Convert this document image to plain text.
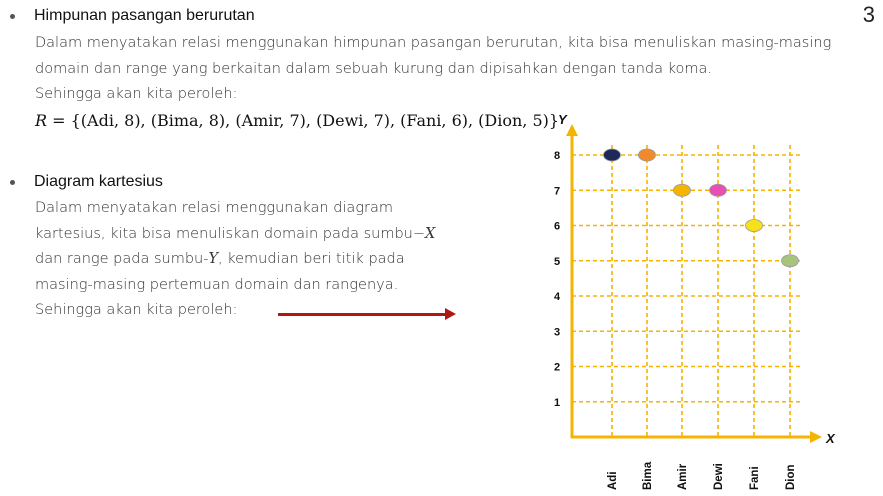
3
Himpunan pasangan berurutan
Dalam menyatakan relasi menggunakan himpunan pasangan berurutan, kita bisa menuliskan masing-masing
domain dan range yang berkaitan dalam sebuah kurung dan dipisahkan dengan tanda koma.
Sehingga akan kita peroleh:
R = {(Adi, 8), (Bima, 8), (Amir, 7), (Dewi, 7), (Fani, 6), (Dion, 5)}
Diagram kartesius
Dalam menyatakan relasi menggunakan diagram
kartesius, kita bisa menuliskan domain pada sumbu−X
dan range pada sumbu-Y, kemudian beri titik pada
masing-masing pertemuan domain dan rangenya.
Sehingga akan kita peroleh:
Y
X
1
2
3
4
5
6
7
8
Adi Bima Amir Dewi Fani Dion
